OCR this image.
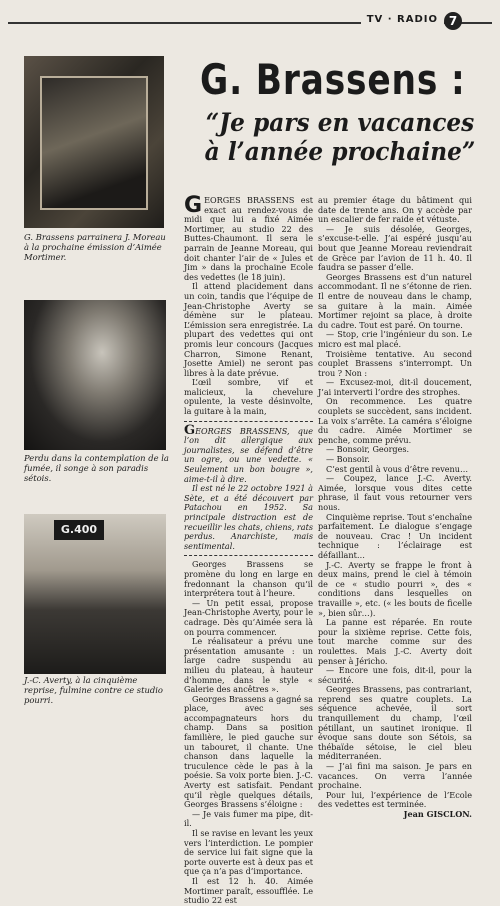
TV · RADIO 7
G. Brassens :
“Je pars en vacances à l’année prochaine”
G. Brassens parrainera J. Moreau à la prochaine émission d’Aimée Mortimer.
Perdu dans la contemplation de la fumée, il songe à son paradis sétois.
G.400
J.-C. Averty, à la cinquième reprise, fulmine contre ce studio pourri.

GEORGES BRASSENS est exact au rendez-vous de midi que lui a fixé Aimée Mortimer, au studio 22 des Buttes-Chaumont. Il sera le parrain de Jeanne Moreau, qui doit chanter l’air de « Jules et Jim » dans la prochaine Ecole des vedettes (le 18 juin).

Il attend placidement dans un coin, tandis que l’équipe de Jean-Christophe Averty se démène sur le plateau. L’émission sera enregistrée. La plupart des vedettes qui ont promis leur concours (Jacques Charron, Simone Renant, Josette Amiel) ne seront pas libres à la date prévue.

L’œil sombre, vif et malicieux, la chevelure opulente, la veste désinvolte, la guitare à la main,

GEORGES BRASSENS, que l’on dit allergique aux journalistes, se défend d’être un ogre, ou une vedette. « Seulement un bon bougre », aime-t-il à dire.

Il est né le 22 octobre 1921 à Sète, et a été découvert par Patachou en 1952. Sa principale distraction est de recueillir les chats, chiens, rats perdus. Anarchiste, mais sentimental.

Georges Brassens se promène du long en large en fredonnant la chanson qu’il interprétera tout à l’heure.

— Un petit essai, propose Jean-Christophe Averty, pour le cadrage. Dès qu’Aimée sera là on pourra commencer.

Le réalisateur a prévu une présentation amusante : un large cadre suspendu au milieu du plateau, à hauteur d’homme, dans le style « Galerie des ancêtres ».

Georges Brassens a gagné sa place, avec ses accompagnateurs hors du champ. Dans sa position familière, le pied gauche sur un tabouret, il chante. Une chanson dans laquelle la truculence cède le pas à la poésie. Sa voix porte bien. J.-C. Averty est satisfait. Pendant qu’il règle quelques détails, Georges Brassens s’éloigne :

— Je vais fumer ma pipe, dit-il.

Il se ravise en levant les yeux vers l’interdiction. Le pompier de service lui fait signe que la porte ouverte est à deux pas et que ça n’a pas d’importance.

Il est 12 h. 40. Aimée Mortimer paraît, essoufflée. Le studio 22 est

au premier étage du bâtiment qui date de trente ans. On y accède par un escalier de fer raide et vétuste.

— Je suis désolée, Georges, s’excuse-t-elle. J’ai espéré jusqu’au bout que Jeanne Moreau reviendrait de Grèce par l’avion de 11 h. 40. Il faudra se passer d’elle.

Georges Brassens est d’un naturel accommodant. Il ne s’étonne de rien. Il entre de nouveau dans le champ, sa guitare à la main. Aimée Mortimer rejoint sa place, à droite du cadre. Tout est paré. On tourne.

— Stop, crie l’ingénieur du son. Le micro est mal placé.

Troisième tentative. Au second couplet Brassens s’interrompt. Un trou ? Non :

— Excusez-moi, dit-il doucement, J’ai interverti l’ordre des strophes.

On recommence. Les quatre couplets se succèdent, sans incident. La voix s’arrête. La caméra s’éloigne du cadre. Aimée Mortimer se penche, comme prévu.

— Bonsoir, Georges.

— Bonsoir.

C’est gentil à vous d’être revenu…

— Coupez, lance J.-C. Averty. Aimée, lorsque vous dites cette phrase, il faut vous retourner vers nous.

Cinquième reprise. Tout s’enchaîne parfaitement. Le dialogue s’engage de nouveau. Crac ! Un incident technique : l’éclairage est défaillant…

J.-C. Averty se frappe le front à deux mains, prend le ciel à témoin de ce « studio pourri », des « conditions dans lesquelles on travaille », etc. (« les bouts de ficelle », bien sûr…).

La panne est réparée. En route pour la sixième reprise. Cette fois, tout marche comme sur des roulettes. Mais J.-C. Averty doit penser à Jéricho.

— Encore une fois, dit-il, pour la sécurité.

Georges Brassens, pas contrariant, reprend ses quatre couplets. La séquence achevée, il sort tranquillement du champ, l’œil pétillant, un sautinet ironique. Il évoque sans doute son Sétois, sa thébaïde sétoise, le ciel bleu méditerranéen.

— J’ai fini ma saison. Je pars en vacances. On verra l’année prochaine.

Pour lui, l’expérience de l’Ecole des vedettes est terminée.

Jean GISCLON.
